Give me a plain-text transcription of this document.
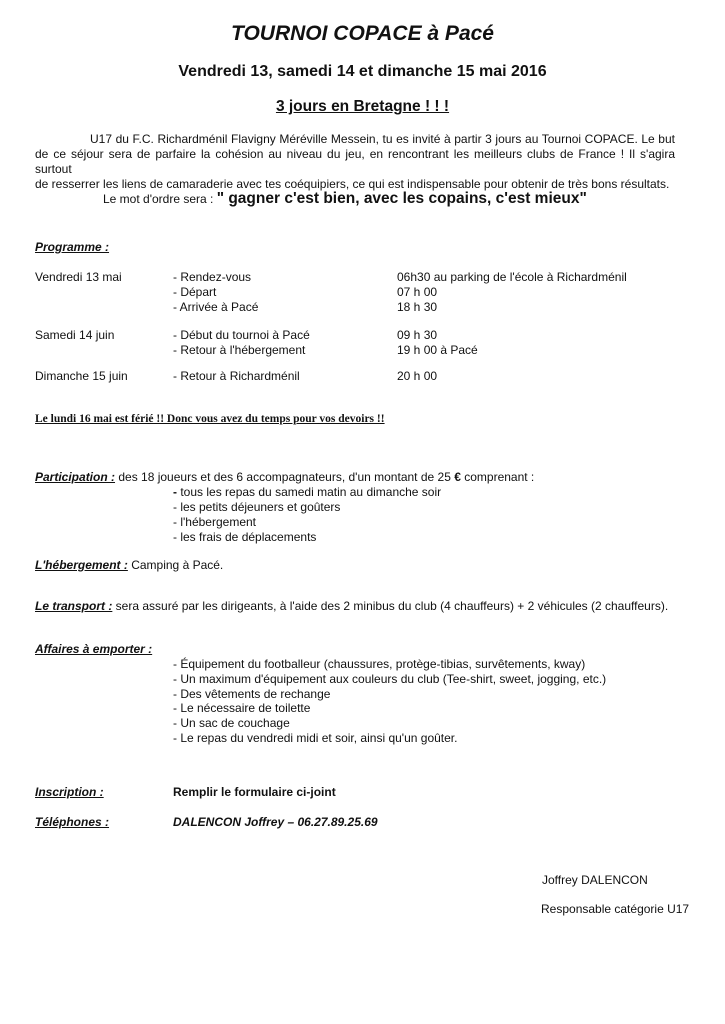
TOURNOI COPACE à Pacé
Vendredi 13, samedi 14 et dimanche 15 mai 2016
3 jours en Bretagne ! ! !
U17 du F.C. Richardménil Flavigny Méréville Messein, tu es invité à partir 3 jours au Tournoi COPACE. Le but
de ce séjour sera de parfaire la cohésion au niveau du jeu, en rencontrant les meilleurs clubs de France ! Il s'agira surtout
de resserrer les liens de camaraderie avec tes coéquipiers, ce qui est indispensable pour obtenir de très bons résultats.
Le mot d'ordre sera : " gagner c'est bien, avec les copains, c'est mieux"
Programme :
Vendredi 13 mai	- Rendez-vous	06h30 au parking de l'école à Richardménil
- Départ	07 h 00
- Arrivée à Pacé	18 h 30
Samedi 14 juin	- Début du tournoi à Pacé	09 h 30
- Retour à l'hébergement	19 h 00 à Pacé
Dimanche 15 juin	- Retour à Richardménil	20 h 00
Le lundi 16 mai est férié !! Donc vous avez du temps pour vos devoirs !!
Participation : des 18 joueurs et des 6 accompagnateurs, d'un montant de 25 € comprenant :
- tous les repas du samedi matin au dimanche soir
- les petits déjeuners et goûters
- l'hébergement
- les frais de déplacements
L'hébergement : Camping à Pacé.
Le transport : sera assuré par les dirigeants, à l'aide des 2 minibus du club (4 chauffeurs) + 2 véhicules (2 chauffeurs).
Affaires à emporter :
- Équipement du footballeur (chaussures, protège-tibias, survêtements, kway)
- Un maximum d'équipement aux couleurs du club (Tee-shirt, sweet, jogging, etc.)
- Des vêtements de rechange
- Le nécessaire de toilette
- Un sac de couchage
- Le repas du vendredi midi et soir, ainsi qu'un goûter.
Inscription :	Remplir le formulaire ci-joint
Téléphones :	DALENCON Joffrey – 06.27.89.25.69
Joffrey DALENCON
Responsable catégorie U17
